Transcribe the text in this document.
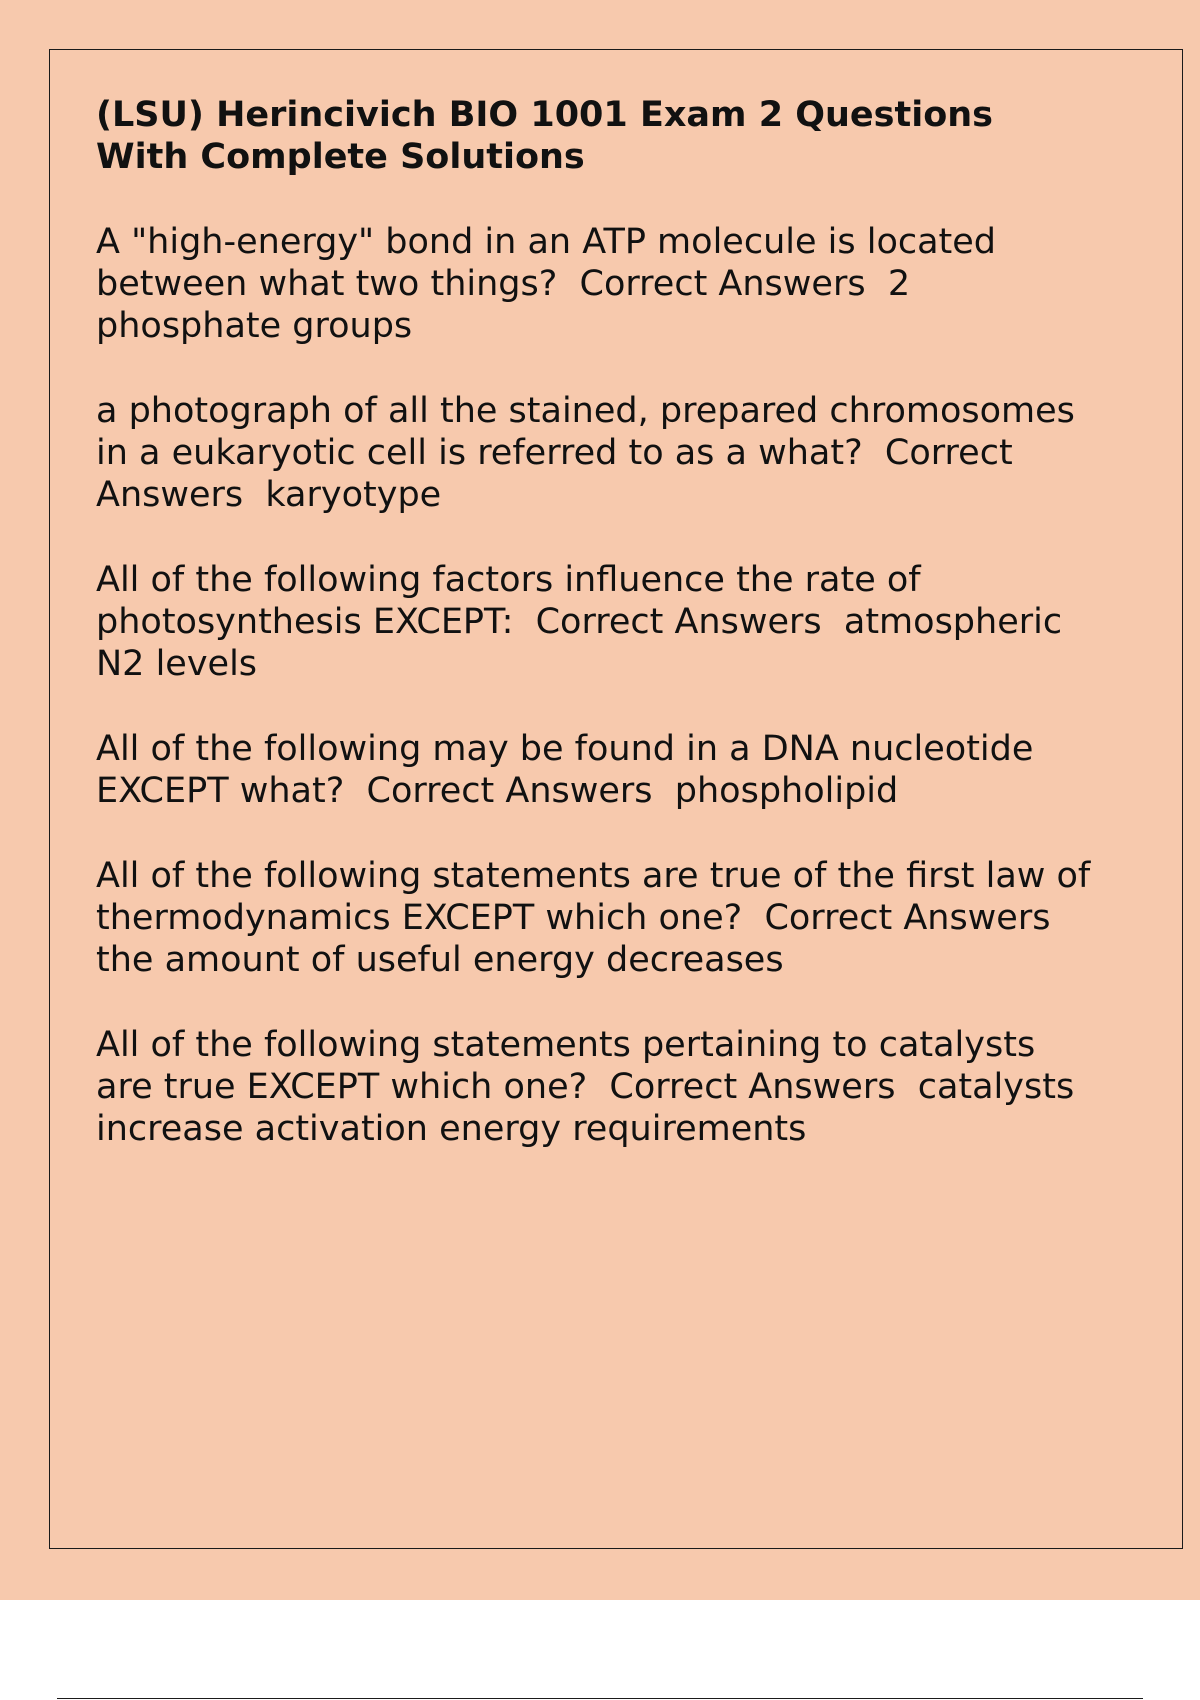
(LSU) Herincivich BIO 1001 Exam 2 Questions With Complete Solutions
A "high-energy" bond in an ATP molecule is located between what two things?  Correct Answers  2 phosphate groups
a photograph of all the stained, prepared chromosomes in a eukaryotic cell is referred to as a what?  Correct Answers  karyotype
All of the following factors influence the rate of photosynthesis EXCEPT:  Correct Answers  atmospheric N2 levels
All of the following may be found in a DNA nucleotide EXCEPT what?  Correct Answers  phospholipid
All of the following statements are true of the first law of thermodynamics EXCEPT which one?  Correct Answers  the amount of useful energy decreases
All of the following statements pertaining to catalysts are true EXCEPT which one?  Correct Answers  catalysts increase activation energy requirements
